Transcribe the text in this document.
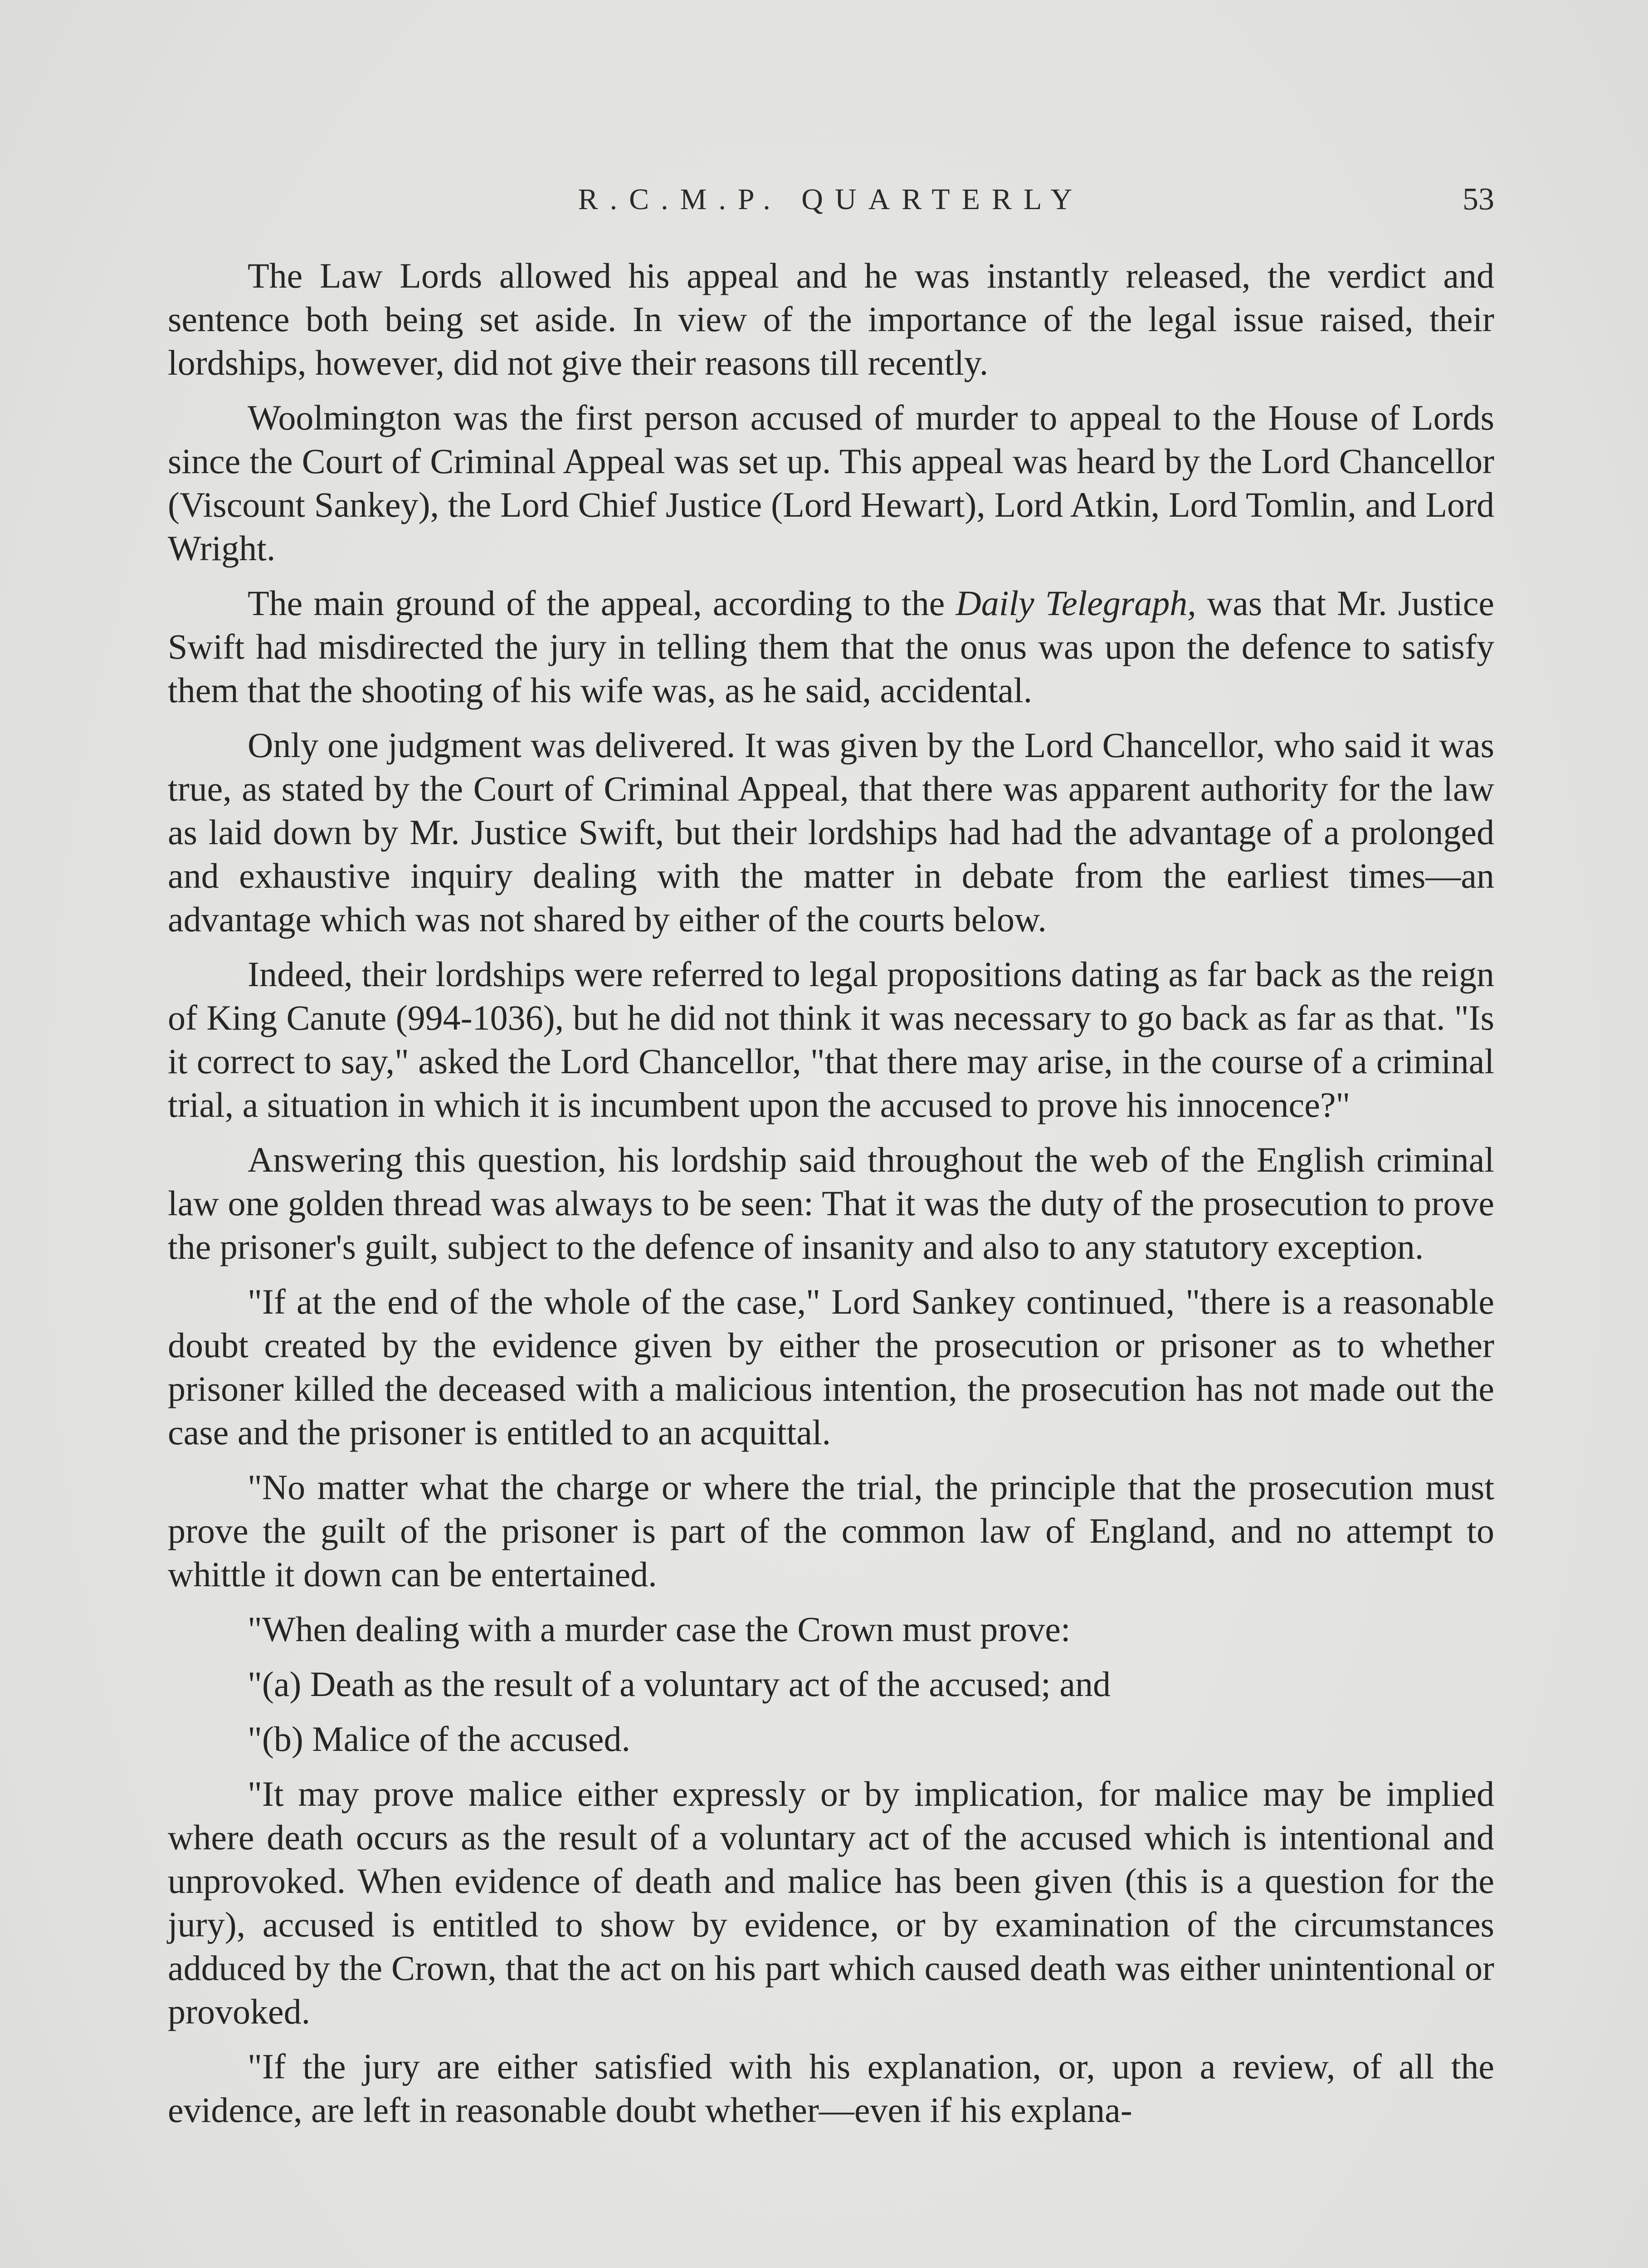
R.C.M.P. QUARTERLY	53

The Law Lords allowed his appeal and he was instantly released, the verdict and sentence both being set aside. In view of the importance of the legal issue raised, their lordships, however, did not give their reasons till recently.

Woolmington was the first person accused of murder to appeal to the House of Lords since the Court of Criminal Appeal was set up. This appeal was heard by the Lord Chancellor (Viscount Sankey), the Lord Chief Justice (Lord Hewart), Lord Atkin, Lord Tomlin, and Lord Wright.

The main ground of the appeal, according to the Daily Telegraph, was that Mr. Justice Swift had misdirected the jury in telling them that the onus was upon the defence to satisfy them that the shooting of his wife was, as he said, accidental.

Only one judgment was delivered. It was given by the Lord Chancellor, who said it was true, as stated by the Court of Criminal Appeal, that there was apparent authority for the law as laid down by Mr. Justice Swift, but their lordships had had the advantage of a prolonged and exhaustive inquiry dealing with the matter in debate from the earliest times—an advantage which was not shared by either of the courts below.

Indeed, their lordships were referred to legal propositions dating as far back as the reign of King Canute (994-1036), but he did not think it was necessary to go back as far as that. "Is it correct to say," asked the Lord Chancellor, "that there may arise, in the course of a criminal trial, a situation in which it is incumbent upon the accused to prove his innocence?"

Answering this question, his lordship said throughout the web of the English criminal law one golden thread was always to be seen: That it was the duty of the prosecution to prove the prisoner's guilt, subject to the defence of insanity and also to any statutory exception.

"If at the end of the whole of the case," Lord Sankey continued, "there is a reasonable doubt created by the evidence given by either the prosecution or prisoner as to whether prisoner killed the deceased with a malicious intention, the prosecution has not made out the case and the prisoner is entitled to an acquittal.

"No matter what the charge or where the trial, the principle that the prosecution must prove the guilt of the prisoner is part of the common law of England, and no attempt to whittle it down can be entertained.

"When dealing with a murder case the Crown must prove:

"(a) Death as the result of a voluntary act of the accused; and

"(b) Malice of the accused.

"It may prove malice either expressly or by implication, for malice may be implied where death occurs as the result of a voluntary act of the accused which is intentional and unprovoked. When evidence of death and malice has been given (this is a question for the jury), accused is entitled to show by evidence, or by examination of the circumstances adduced by the Crown, that the act on his part which caused death was either unintentional or provoked.

"If the jury are either satisfied with his explanation, or, upon a review, of all the evidence, are left in reasonable doubt whether—even if his explana-
